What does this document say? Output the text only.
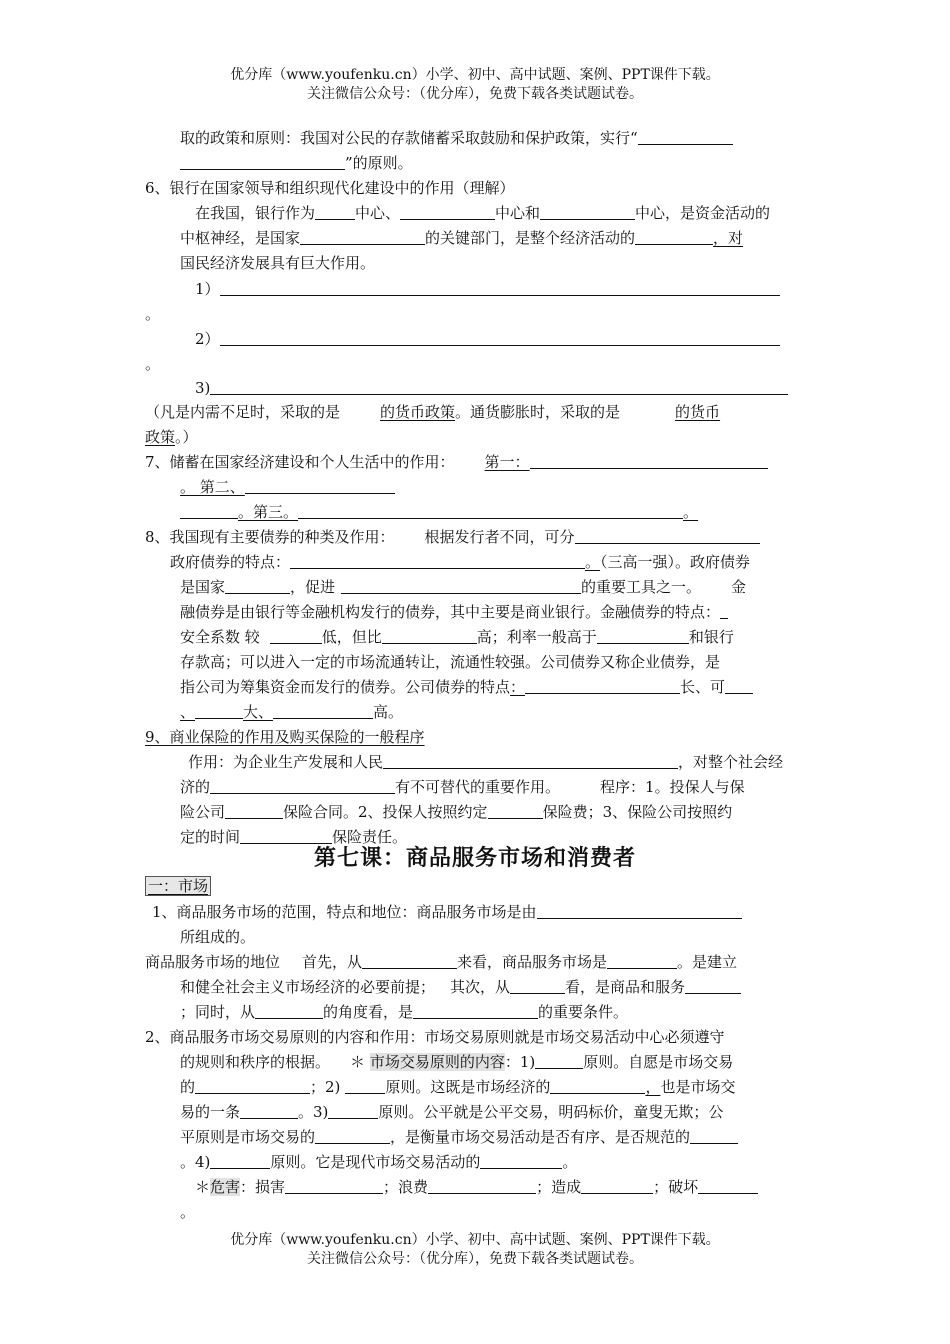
优分库（www.youfenku.cn）小学、初中、高中试题、案例、PPT课件下载。
关注微信公众号：（优分库），免费下载各类试题试卷。
取的政策和原则：我国对公民的存款储蓄采取鼓励和保护政策，实行“
”的原则。
6、银行在国家领导和组织现代化建设中的作用（理解）
在我国，银行作为	中心、	中心和	中心，是资金活动的
中枢神经，是国家	的关键部门，是整个经济活动的	，对
国民经济发展具有巨大作用。
1）
。
2）
。
3)
（凡是内需不足时，采取的是	的货币政策。通货膨胀时，采取的是	的货币
政策。）
7、储蓄在国家经济建设和个人生活中的作用： 第一：
。 第二、
。第三。	。
8、我国现有主要债券的种类及作用： 根据发行者不同，可分
政府债券的特点：	。（三高一强）。政府债券
是国家	，促进	的重要工具之一。 金
融债券是由银行等金融机构发行的债券，其中主要是商业银行。金融债券的特点：
安全系数 较	低，但比	高；利率一般高于	和银行
存款高；可以进入一定的市场流通转让，流通性较强。公司债券又称企业债券，是
指公司为筹集资金而发行的债券。公司债券的特点：	长、可
、	大、	高。
9、商业保险的作用及购买保险的一般程序
作用：为企业生产发展和人民	，对整个社会经
济的	有不可替代的重要作用。	程序：1。投保人与保
险公司	保险合同。2、投保人按照约定	保险费；3、保险公司按照约
定的时间	保险责任。
第七课：商品服务市场和消费者
一：市场
1、商品服务市场的范围，特点和地位：商品服务市场是由
所组成的。
商品服务市场的地位 首先，从	来看，商品服务市场是	。是建立
和健全社会主义市场经济的必要前提； 其次，从	看，是商品和服务
；同时，从	的角度看，是	的重要条件。
2、商品服务市场交易原则的内容和作用：市场交易原则就是市场交易活动中心必须遵守
的规则和秩序的根据。 ＊ 市场交易原则的内容：1)	原则。自愿是市场交易
的	；2)	原则。这既是市场经济的	，也是市场交
易的一条	。3)	原则。公平就是公平交易，明码标价，童叟无欺；公
平原则是市场交易的	，是衡量市场交易活动是否有序、是否规范的
。4)	原则。它是现代市场交易活动的	。
＊危害：损害	；浪费	；造成	；破坏
。
优分库（www.youfenku.cn）小学、初中、高中试题、案例、PPT课件下载。
关注微信公众号：（优分库），免费下载各类试题试卷。
